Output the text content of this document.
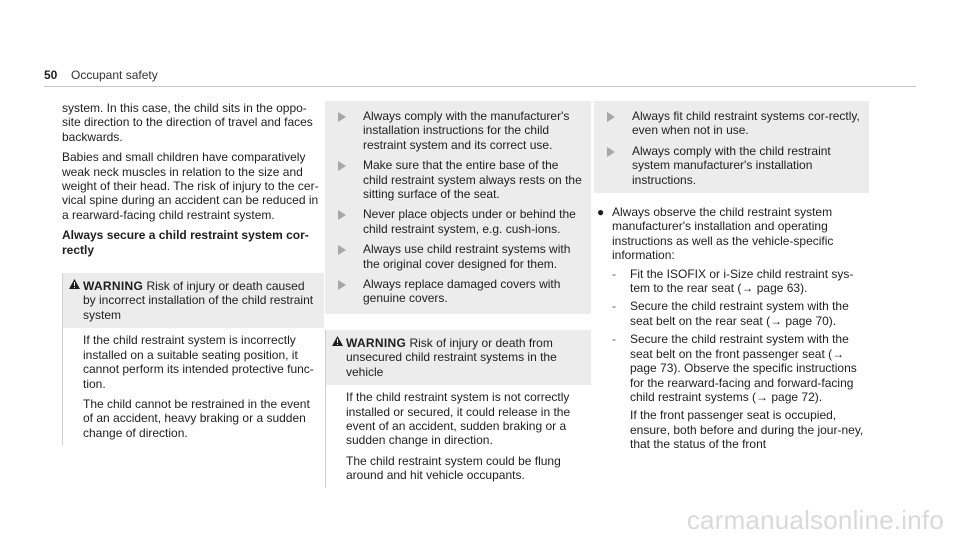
50 Occupant safety

system. In this case, the child sits in the oppo-site direction to the direction of travel and faces backwards.

Babies and small children have comparatively weak neck muscles in relation to the size and weight of their head. The risk of injury to the cer-vical spine during an accident can be reduced in a rearward-facing child restraint system.

Always secure a child restraint system cor-rectly

WARNING Risk of injury or death caused by incorrect installation of the child restraint system

If the child restraint system is incorrectly installed on a suitable seating position, it cannot perform its intended protective func-tion.

The child cannot be restrained in the event of an accident, heavy braking or a sudden change of direction.

Always comply with the manufacturer's installation instructions for the child restraint system and its correct use.
Make sure that the entire base of the child restraint system always rests on the sitting surface of the seat.
Never place objects under or behind the child restraint system, e.g. cush-ions.
Always use child restraint systems with the original cover designed for them.
Always replace damaged covers with genuine covers.
WARNING Risk of injury or death from unsecured child restraint systems in the vehicle

If the child restraint system is not correctly installed or secured, it could release in the event of an accident, sudden braking or a sudden change in direction.

The child restraint system could be flung around and hit vehicle occupants.

Always fit child restraint systems cor-rectly, even when not in use.
Always comply with the child restraint system manufacturer's installation instructions.
● Always observe the child restraint system manufacturer's installation and operating instructions as well as the vehicle-specific information:
- Fit the ISOFIX or i-Size child restraint sys-tem to the rear seat (→ page 63).
- Secure the child restraint system with the seat belt on the rear seat (→ page 70).
- Secure the child restraint system with the seat belt on the front passenger seat (→ page 73). Observe the specific instructions for the rearward-facing and forward-facing child restraint systems (→ page 72).
If the front passenger seat is occupied, ensure, both before and during the jour-ney, that the status of the front
carmanualsonline.info
